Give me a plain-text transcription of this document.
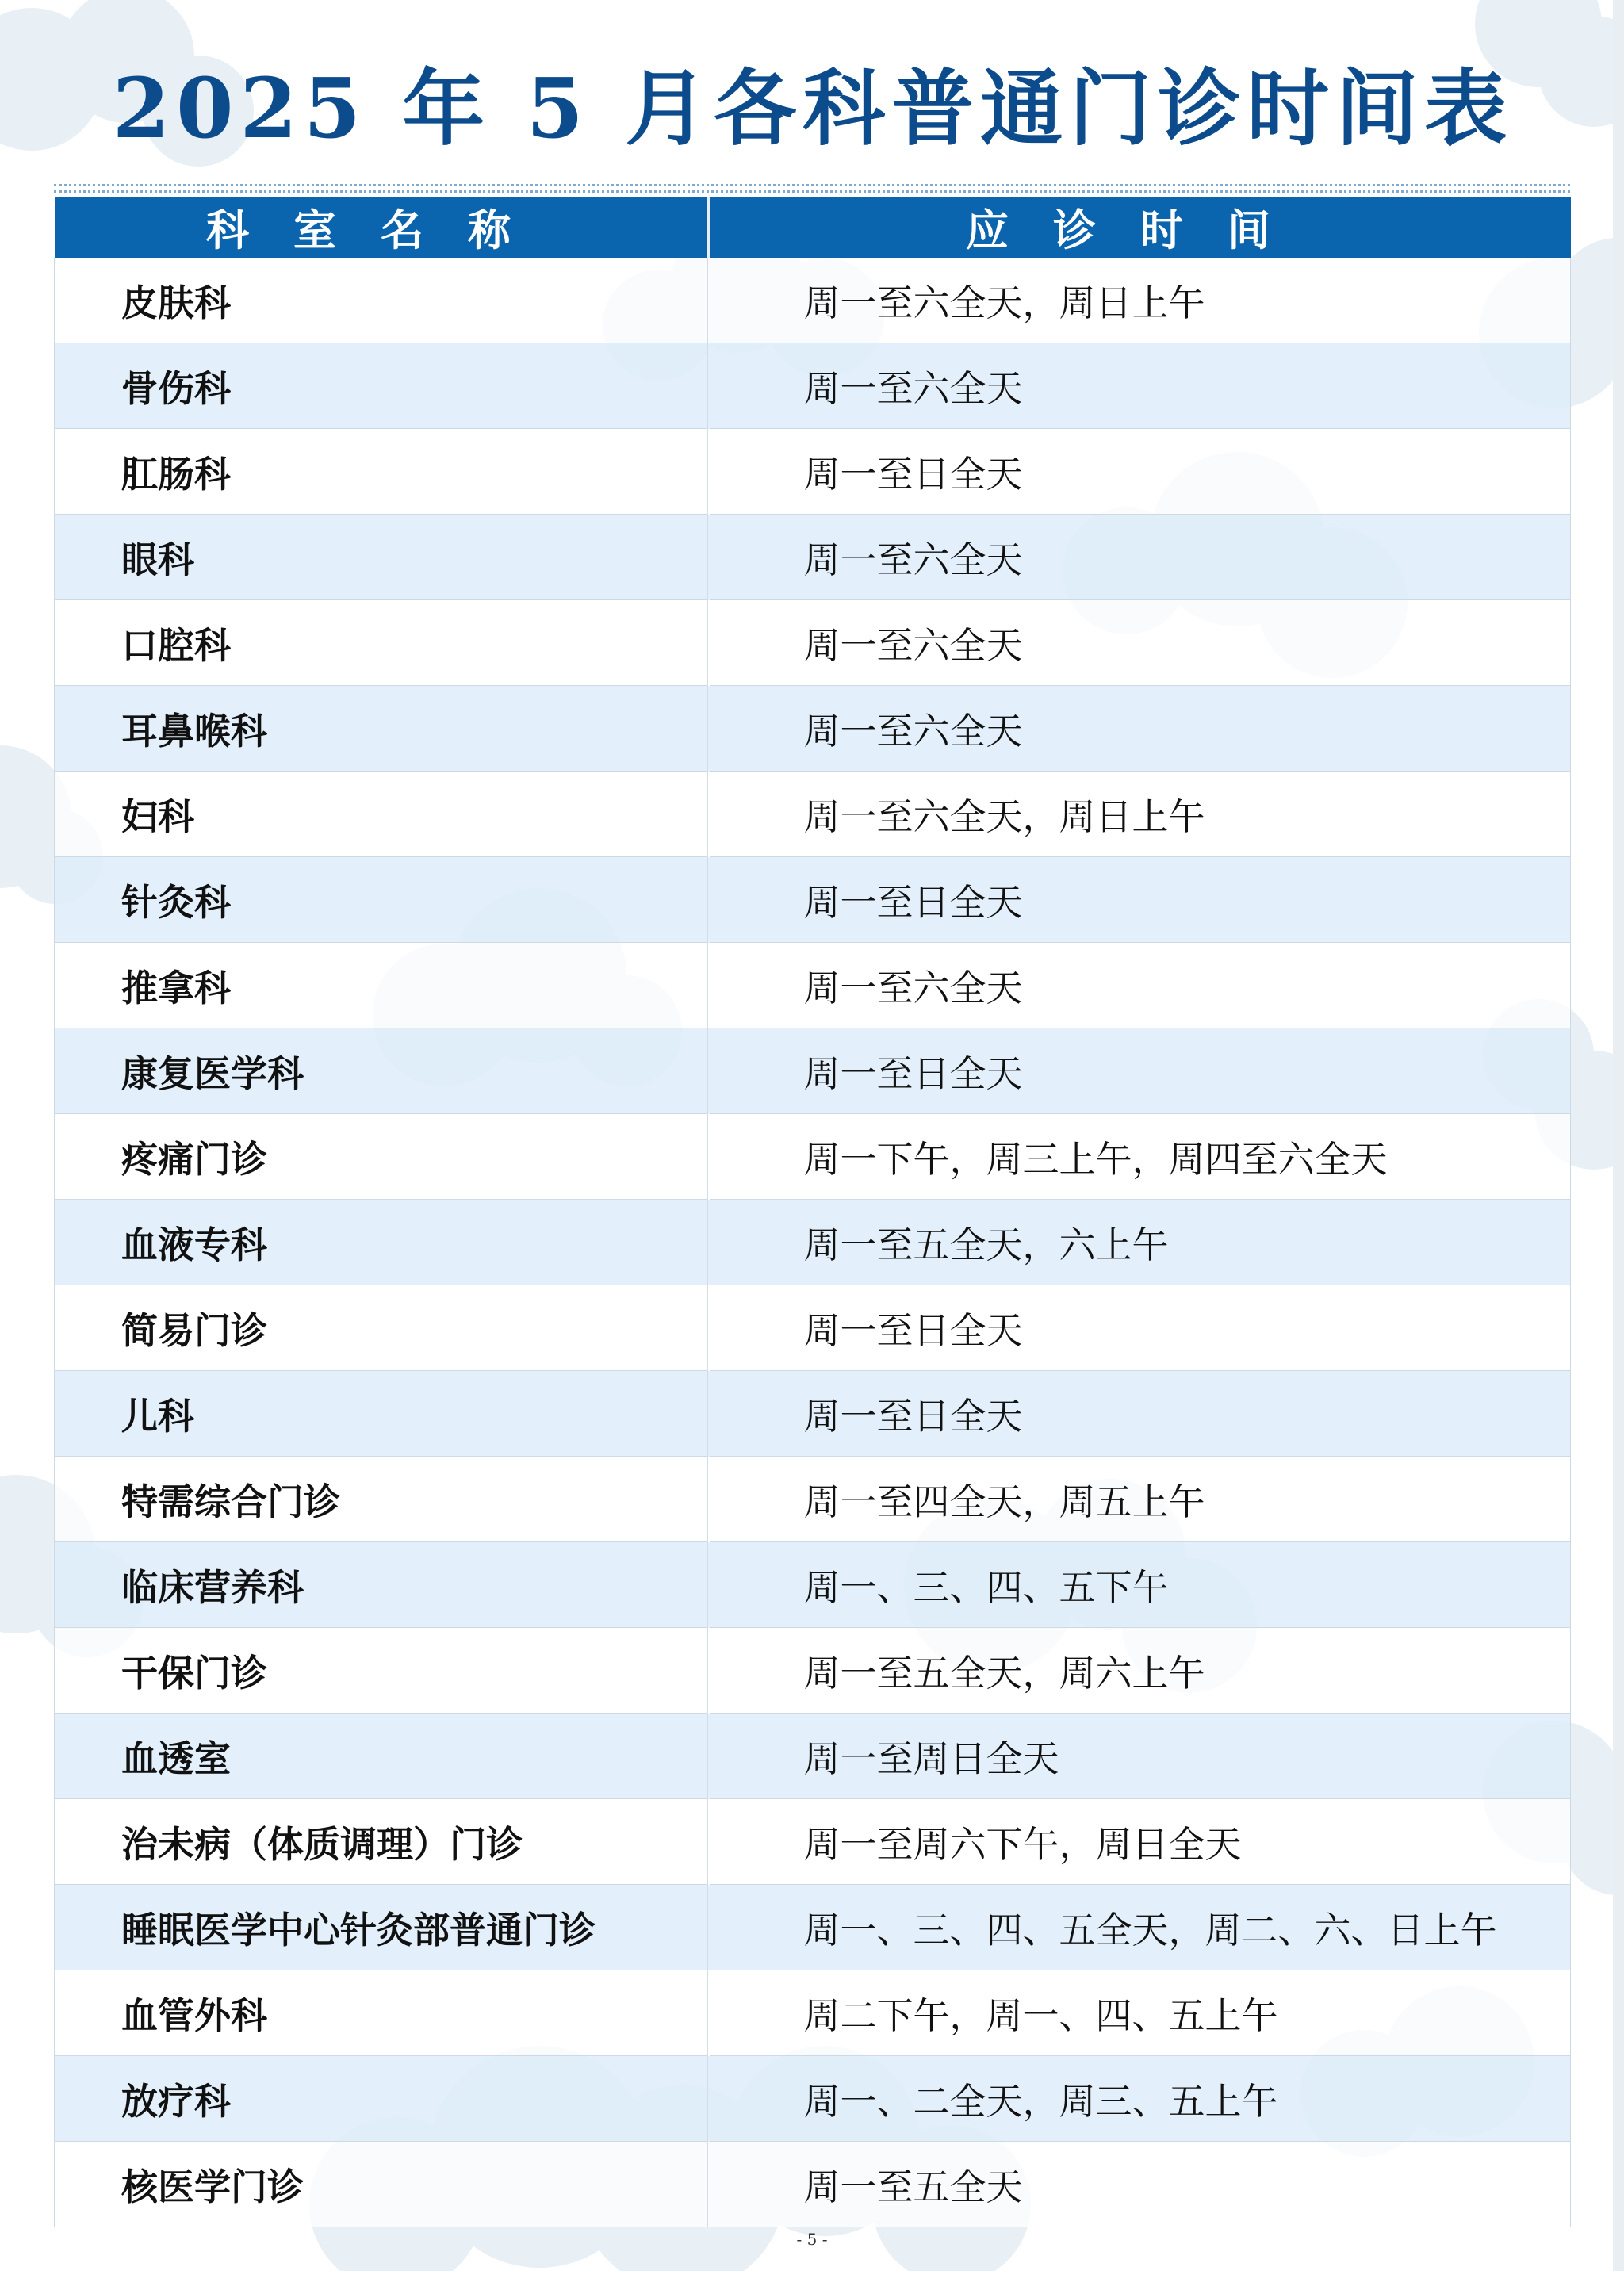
2025 年 5 月各科普通门诊时间表
科室名称	应诊时间
皮肤科	周一至六全天，周日上午
骨伤科	周一至六全天
肛肠科	周一至日全天
眼科	周一至六全天
口腔科	周一至六全天
耳鼻喉科	周一至六全天
妇科	周一至六全天，周日上午
针灸科	周一至日全天
推拿科	周一至六全天
康复医学科	周一至日全天
疼痛门诊	周一下午，周三上午，周四至六全天
血液专科	周一至五全天，六上午
简易门诊	周一至日全天
儿科	周一至日全天
特需综合门诊	周一至四全天，周五上午
临床营养科	周一、三、四、五下午
干保门诊	周一至五全天，周六上午
血透室	周一至周日全天
治未病（体质调理）门诊	周一至周六下午，周日全天
睡眠医学中心针灸部普通门诊	周一、三、四、五全天，周二、六、日上午
血管外科	周二下午，周一、四、五上午
放疗科	周一、二全天，周三、五上午
核医学门诊	周一至五全天
- 5 -
